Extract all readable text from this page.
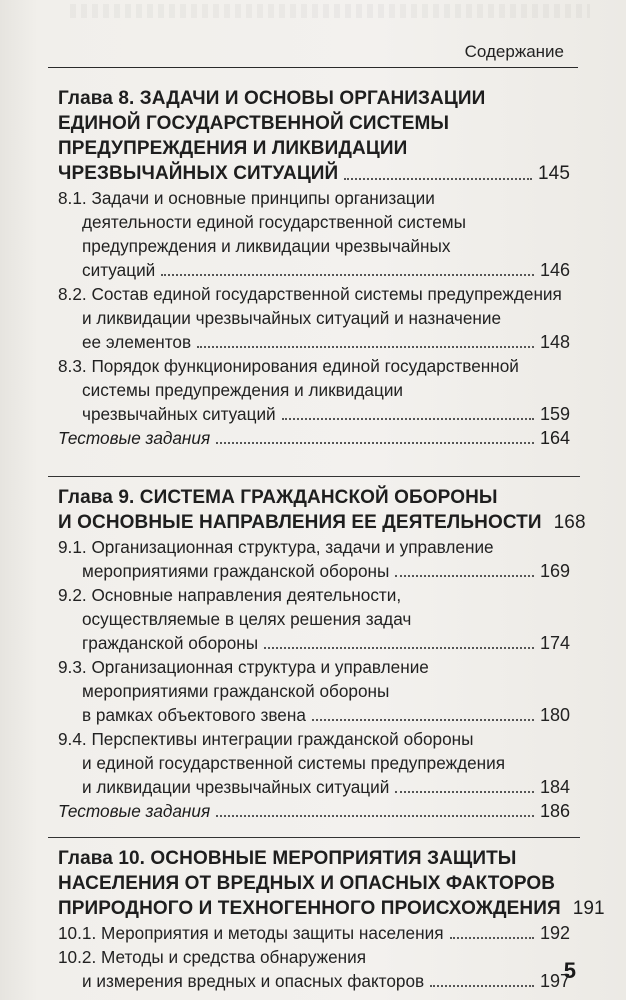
Содержание
Глава 8. ЗАДАЧИ И ОСНОВЫ ОРГАНИЗАЦИИ
ЕДИНОЙ ГОСУДАРСТВЕННОЙ СИСТЕМЫ
ПРЕДУПРЕЖДЕНИЯ И ЛИКВИДАЦИИ
ЧРЕЗВЫЧАЙНЫХ СИТУАЦИЙ	145
8.1. Задачи и основные принципы организации
деятельности единой государственной системы
предупреждения и ликвидации чрезвычайных
ситуаций	146
8.2. Состав единой государственной системы предупреждения
и ликвидации чрезвычайных ситуаций и назначение
ее элементов	148
8.3. Порядок функционирования единой государственной
системы предупреждения и ликвидации
чрезвычайных ситуаций	159
Тестовые задания	164
Глава 9. СИСТЕМА ГРАЖДАНСКОЙ ОБОРОНЫ
И ОСНОВНЫЕ НАПРАВЛЕНИЯ ЕЕ ДЕЯТЕЛЬНОСТИ 168
9.1. Организационная структура, задачи и управление
мероприятиями гражданской обороны	169
9.2. Основные направления деятельности,
осуществляемые в целях решения задач
гражданской обороны	174
9.3. Организационная структура и управление
мероприятиями гражданской обороны
в рамках объектового звена	180
9.4. Перспективы интеграции гражданской обороны
и единой государственной системы предупреждения
и ликвидации чрезвычайных ситуаций	184
Тестовые задания	186
Глава 10. ОСНОВНЫЕ МЕРОПРИЯТИЯ ЗАЩИТЫ
НАСЕЛЕНИЯ ОТ ВРЕДНЫХ И ОПАСНЫХ ФАКТОРОВ
ПРИРОДНОГО И ТЕХНОГЕННОГО ПРОИСХОЖДЕНИЯ 191
10.1. Мероприятия и методы защиты населения	192
10.2. Методы и средства обнаружения
и измерения вредных и опасных факторов	197
5
